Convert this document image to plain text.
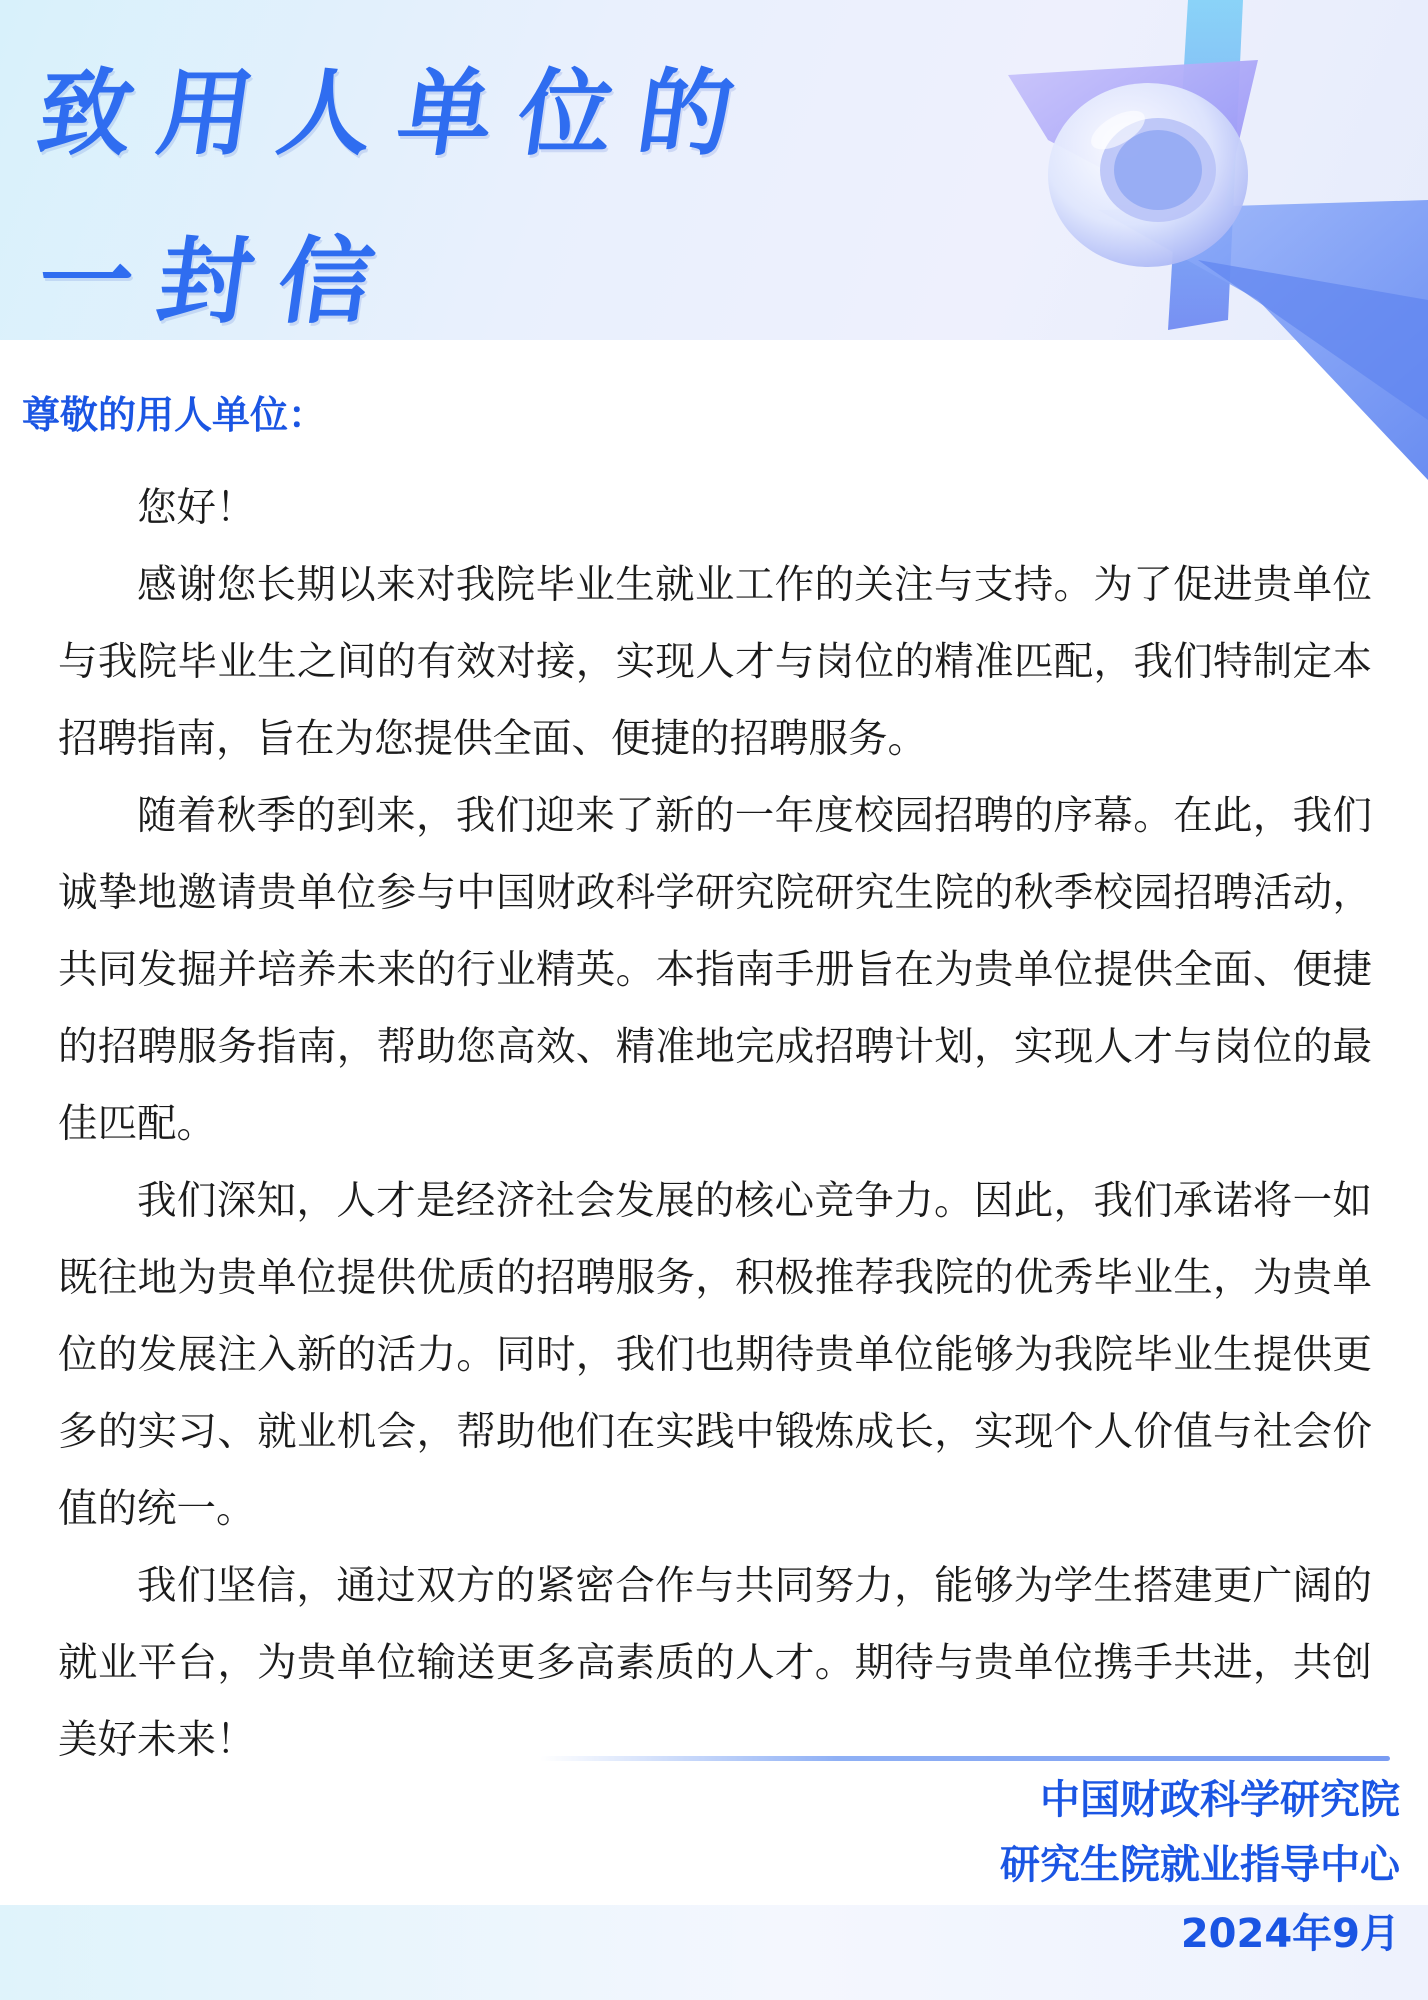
致用人单位的
一封信
尊敬的用人单位：

您好！

感谢您长期以来对我院毕业生就业工作的关注与支持。为了促进贵单位与我院毕业生之间的有效对接，实现人才与岗位的精准匹配，我们特制定本招聘指南，旨在为您提供全面、便捷的招聘服务。

随着秋季的到来，我们迎来了新的一年度校园招聘的序幕。在此，我们诚挚地邀请贵单位参与中国财政科学研究院研究生院的秋季校园招聘活动，共同发掘并培养未来的行业精英。本指南手册旨在为贵单位提供全面、便捷的招聘服务指南，帮助您高效、精准地完成招聘计划，实现人才与岗位的最佳匹配。

我们深知，人才是经济社会发展的核心竞争力。因此，我们承诺将一如既往地为贵单位提供优质的招聘服务，积极推荐我院的优秀毕业生，为贵单位的发展注入新的活力。同时，我们也期待贵单位能够为我院毕业生提供更多的实习、就业机会，帮助他们在实践中锻炼成长，实现个人价值与社会价值的统一。

我们坚信，通过双方的紧密合作与共同努力，能够为学生搭建更广阔的就业平台，为贵单位输送更多高素质的人才。期待与贵单位携手共进，共创美好未来！

中国财政科学研究院

研究生院就业指导中心

2024年9月
